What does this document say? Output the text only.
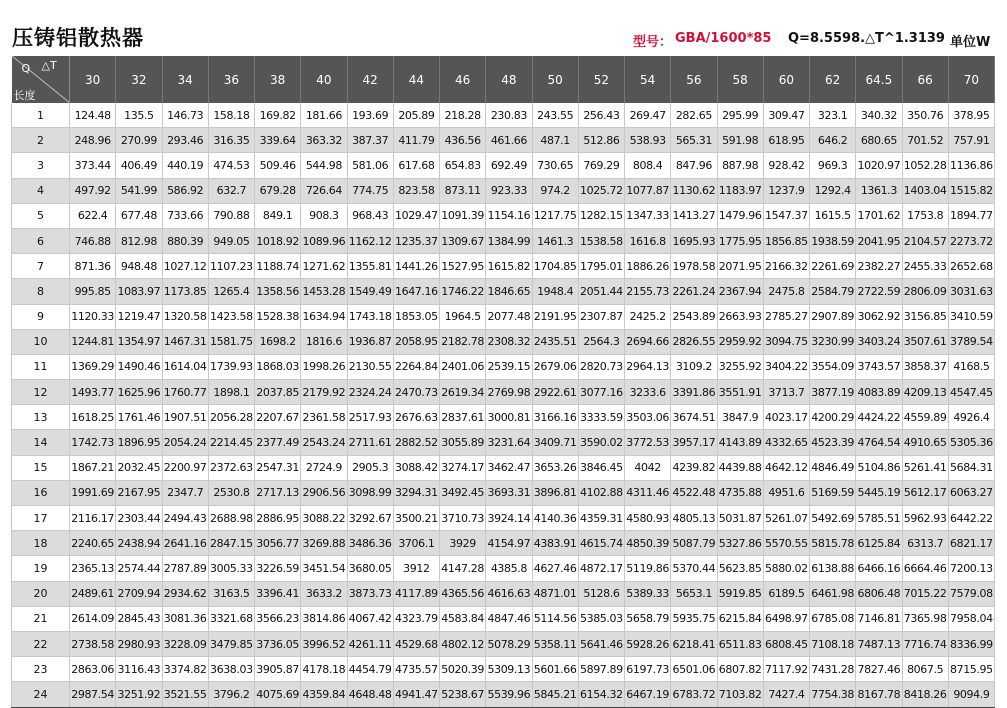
压铸铝散热器	型号： GBA/1600*85 Q=8.5598.△T^1.3139 单位W
Q △T
长度	30	32	34	36	38	40	42	44	46	48	50	52	54	56	58	60	62	64.5	66	70
1	124.48	135.5	146.73	158.18	169.82	181.66	193.69	205.89	218.28	230.83	243.55	256.43	269.47	282.65	295.99	309.47	323.1	340.32	350.76	378.95
2	248.96	270.99	293.46	316.35	339.64	363.32	387.37	411.79	436.56	461.66	487.1	512.86	538.93	565.31	591.98	618.95	646.2	680.65	701.52	757.91
3	373.44	406.49	440.19	474.53	509.46	544.98	581.06	617.68	654.83	692.49	730.65	769.29	808.4	847.96	887.98	928.42	969.3	1020.97	1052.28	1136.86
4	497.92	541.99	586.92	632.7	679.28	726.64	774.75	823.58	873.11	923.33	974.2	1025.72	1077.87	1130.62	1183.97	1237.9	1292.4	1361.3	1403.04	1515.82
5	622.4	677.48	733.66	790.88	849.1	908.3	968.43	1029.47	1091.39	1154.16	1217.75	1282.15	1347.33	1413.27	1479.96	1547.37	1615.5	1701.62	1753.8	1894.77
6	746.88	812.98	880.39	949.05	1018.92	1089.96	1162.12	1235.37	1309.67	1384.99	1461.3	1538.58	1616.8	1695.93	1775.95	1856.85	1938.59	2041.95	2104.57	2273.72
7	871.36	948.48	1027.12	1107.23	1188.74	1271.62	1355.81	1441.26	1527.95	1615.82	1704.85	1795.01	1886.26	1978.58	2071.95	2166.32	2261.69	2382.27	2455.33	2652.68
8	995.85	1083.97	1173.85	1265.4	1358.56	1453.28	1549.49	1647.16	1746.22	1846.65	1948.4	2051.44	2155.73	2261.24	2367.94	2475.8	2584.79	2722.59	2806.09	3031.63
9	1120.33	1219.47	1320.58	1423.58	1528.38	1634.94	1743.18	1853.05	1964.5	2077.48	2191.95	2307.87	2425.2	2543.89	2663.93	2785.27	2907.89	3062.92	3156.85	3410.59
10	1244.81	1354.97	1467.31	1581.75	1698.2	1816.6	1936.87	2058.95	2182.78	2308.32	2435.51	2564.3	2694.66	2826.55	2959.92	3094.75	3230.99	3403.24	3507.61	3789.54
11	1369.29	1490.46	1614.04	1739.93	1868.03	1998.26	2130.55	2264.84	2401.06	2539.15	2679.06	2820.73	2964.13	3109.2	3255.92	3404.22	3554.09	3743.57	3858.37	4168.5
12	1493.77	1625.96	1760.77	1898.1	2037.85	2179.92	2324.24	2470.73	2619.34	2769.98	2922.61	3077.16	3233.6	3391.86	3551.91	3713.7	3877.19	4083.89	4209.13	4547.45
13	1618.25	1761.46	1907.51	2056.28	2207.67	2361.58	2517.93	2676.63	2837.61	3000.81	3166.16	3333.59	3503.06	3674.51	3847.9	4023.17	4200.29	4424.22	4559.89	4926.4
14	1742.73	1896.95	2054.24	2214.45	2377.49	2543.24	2711.61	2882.52	3055.89	3231.64	3409.71	3590.02	3772.53	3957.17	4143.89	4332.65	4523.39	4764.54	4910.65	5305.36
15	1867.21	2032.45	2200.97	2372.63	2547.31	2724.9	2905.3	3088.42	3274.17	3462.47	3653.26	3846.45	4042	4239.82	4439.88	4642.12	4846.49	5104.86	5261.41	5684.31
16	1991.69	2167.95	2347.7	2530.8	2717.13	2906.56	3098.99	3294.31	3492.45	3693.31	3896.81	4102.88	4311.46	4522.48	4735.88	4951.6	5169.59	5445.19	5612.17	6063.27
17	2116.17	2303.44	2494.43	2688.98	2886.95	3088.22	3292.67	3500.21	3710.73	3924.14	4140.36	4359.31	4580.93	4805.13	5031.87	5261.07	5492.69	5785.51	5962.93	6442.22
18	2240.65	2438.94	2641.16	2847.15	3056.77	3269.88	3486.36	3706.1	3929	4154.97	4383.91	4615.74	4850.39	5087.79	5327.86	5570.55	5815.78	6125.84	6313.7	6821.17
19	2365.13	2574.44	2787.89	3005.33	3226.59	3451.54	3680.05	3912	4147.28	4385.8	4627.46	4872.17	5119.86	5370.44	5623.85	5880.02	6138.88	6466.16	6664.46	7200.13
20	2489.61	2709.94	2934.62	3163.5	3396.41	3633.2	3873.73	4117.89	4365.56	4616.63	4871.01	5128.6	5389.33	5653.1	5919.85	6189.5	6461.98	6806.48	7015.22	7579.08
21	2614.09	2845.43	3081.36	3321.68	3566.23	3814.86	4067.42	4323.79	4583.84	4847.46	5114.56	5385.03	5658.79	5935.75	6215.84	6498.97	6785.08	7146.81	7365.98	7958.04
22	2738.58	2980.93	3228.09	3479.85	3736.05	3996.52	4261.11	4529.68	4802.12	5078.29	5358.11	5641.46	5928.26	6218.41	6511.83	6808.45	7108.18	7487.13	7716.74	8336.99
23	2863.06	3116.43	3374.82	3638.03	3905.87	4178.18	4454.79	4735.57	5020.39	5309.13	5601.66	5897.89	6197.73	6501.06	6807.82	7117.92	7431.28	7827.46	8067.5	8715.95
24	2987.54	3251.92	3521.55	3796.2	4075.69	4359.84	4648.48	4941.47	5238.67	5539.96	5845.21	6154.32	6467.19	6783.72	7103.82	7427.4	7754.38	8167.78	8418.26	9094.9
